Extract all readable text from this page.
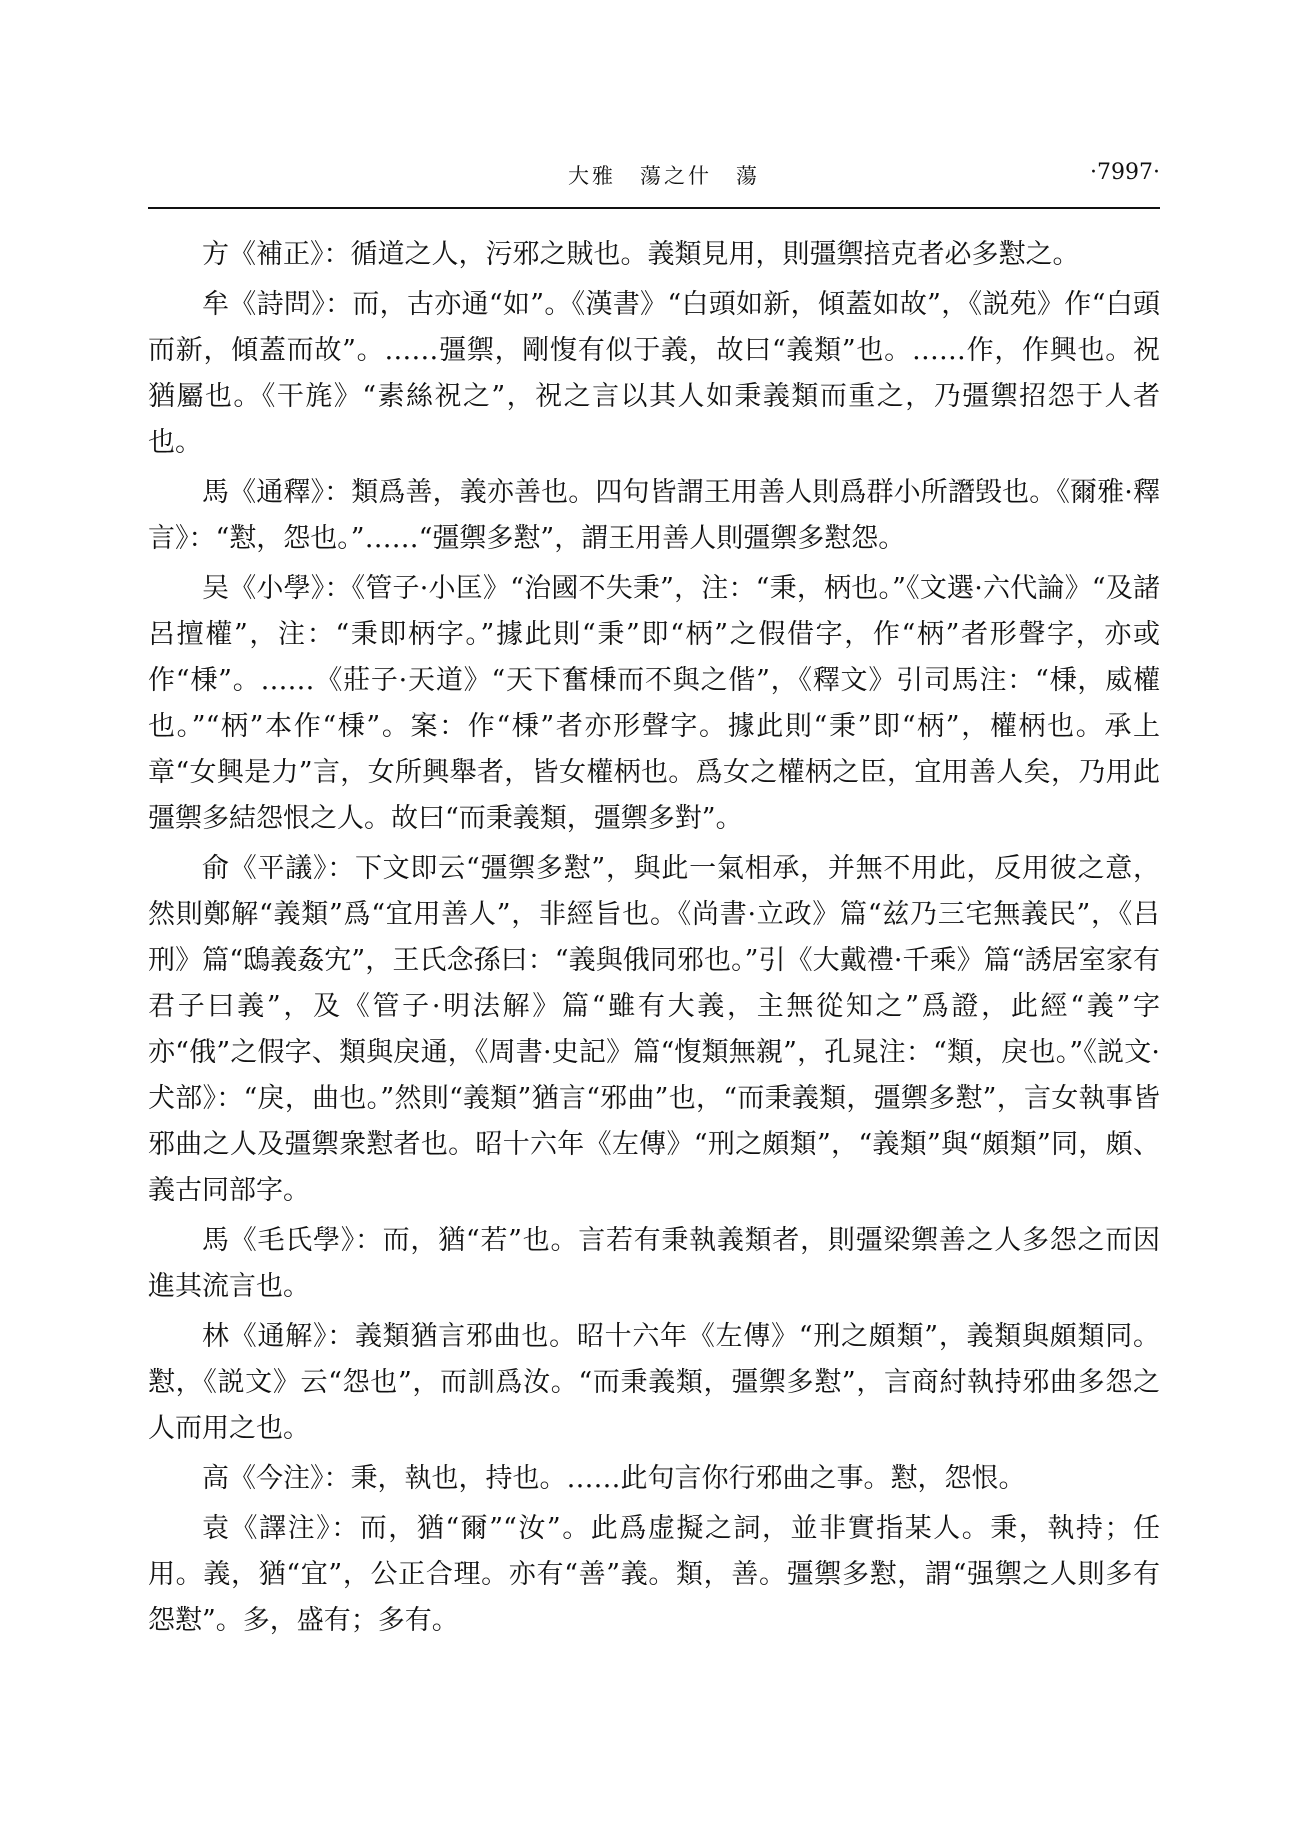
大雅　蕩之什　蕩	·7997·

方《補正》：循道之人，污邪之賊也。義類見用，則彊禦掊克者必多懟之。

牟《詩問》：而，古亦通“如”。《漢書》“白頭如新，傾蓋如故”，《説苑》作“白頭而新，傾蓋而故”。……彊禦，剛愎有似于義，故曰“義類”也。……作，作興也。祝猶屬也。《干旄》“素絲祝之”，祝之言以其人如秉義類而重之，乃彊禦招怨于人者也。

馬《通釋》：類爲善，義亦善也。四句皆謂王用善人則爲群小所譖毁也。《爾雅·釋言》：“懟，怨也。”……“彊禦多懟”，謂王用善人則彊禦多懟怨。

吴《小學》：《管子·小匡》“治國不失秉”，注：“秉，柄也。”《文選·六代論》“及諸呂擅權”，注：“秉即柄字。”據此則“秉”即“柄”之假借字，作“柄”者形聲字，亦或作“棅”。……《莊子·天道》“天下奮棅而不與之偕”，《釋文》引司馬注：“棅，威權也。”“柄”本作“棅”。案：作“棅”者亦形聲字。據此則“秉”即“柄”，權柄也。承上章“女興是力”言，女所興舉者，皆女權柄也。爲女之權柄之臣，宜用善人矣，乃用此彊禦多結怨恨之人。故曰“而秉義類，彊禦多對”。

俞《平議》：下文即云“彊禦多懟”，與此一氣相承，并無不用此，反用彼之意，然則鄭解“義類”爲“宜用善人”，非經旨也。《尚書·立政》篇“兹乃三宅無義民”，《吕刑》篇“鴟義姦宄”，王氏念孫曰：“義與俄同邪也。”引《大戴禮·千乘》篇“誘居室家有君子曰義”，及《管子·明法解》篇“雖有大義，主無從知之”爲證，此經“義”字亦“俄”之假字、類與戾通，《周書·史記》篇“愎類無親”，孔晁注：“類，戾也。”《説文·犬部》：“戾，曲也。”然則“義類”猶言“邪曲”也，“而秉義類，彊禦多懟”，言女執事皆邪曲之人及彊禦衆懟者也。昭十六年《左傳》“刑之頗類”，“義類”與“頗類”同，頗、義古同部字。

馬《毛氏學》：而，猶“若”也。言若有秉執義類者，則彊梁禦善之人多怨之而因進其流言也。

林《通解》：義類猶言邪曲也。昭十六年《左傳》“刑之頗類”，義類與頗類同。懟，《説文》云“怨也”，而訓爲汝。“而秉義類，彊禦多懟”，言商紂執持邪曲多怨之人而用之也。

高《今注》：秉，執也，持也。……此句言你行邪曲之事。懟，怨恨。

袁《譯注》：而，猶“爾”“汝”。此爲虚擬之詞，並非實指某人。秉，執持；任用。義，猶“宜”，公正合理。亦有“善”義。類，善。彊禦多懟，謂“强禦之人則多有怨懟”。多，盛有；多有。
